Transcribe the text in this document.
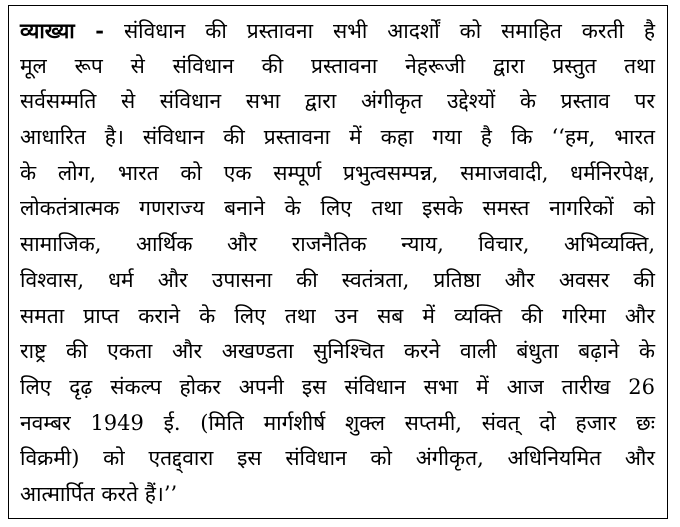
व्याख्या - संविधान की प्रस्तावना सभी आदर्शों को समाहित करती है
मूल रूप से संविधान की प्रस्तावना नेहरूजी द्वारा प्रस्तुत तथा
सर्वसम्मति से संविधान सभा द्वारा अंगीकृत उद्देश्यों के प्रस्ताव पर
आधारित है। संविधान की प्रस्तावना में कहा गया है कि ‘‘हम, भारत
के लोग, भारत को एक सम्पूर्ण प्रभुत्वसम्पन्न, समाजवादी, धर्मनिरपेक्ष,
लोकतंत्रात्मक गणराज्य बनाने के लिए तथा इसके समस्त नागरिकों को
सामाजिक, आर्थिक और राजनैतिक न्याय, विचार, अभिव्यक्ति,
विश्वास, धर्म और उपासना की स्वतंत्रता, प्रतिष्ठा और अवसर की
समता प्राप्त कराने के लिए तथा उन सब में व्यक्ति की गरिमा और
राष्ट्र की एकता और अखण्डता सुनिश्चित करने वाली बंधुता बढ़ाने के
लिए दृढ़ संकल्प होकर अपनी इस संविधान सभा में आज तारीख 26
नवम्बर 1949 ई. (मिति मार्गशीर्ष शुक्ल सप्तमी, संवत् दो हजार छः
विक्रमी) को एतद्द्वारा इस संविधान को अंगीकृत, अधिनियमित और
आत्मार्पित करते हैं।’’
